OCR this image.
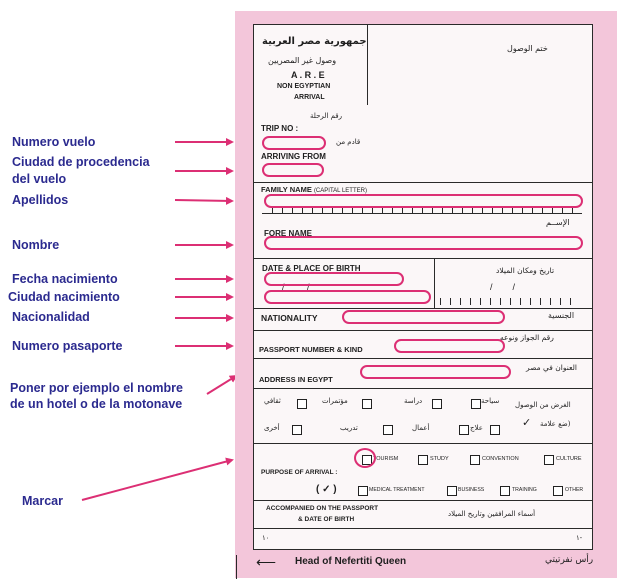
Numero vuelo
Ciudad de procedencia
del vuelo
Apellidos
Nombre
Fecha nacimiento
Ciudad nacimiento
Nacionalidad
Numero pasaporte
Poner por ejemplo el nombre
de un hotel o de la motonave
Marcar
جمهورية مصر العربية
وصول غير المصريين
A . R . E
NON EGYPTIAN
ARRIVAL
ختم الوصول
رقم الرحلة
TRIP NO :
قادم من
ARRIVING FROM
FAMILY NAME (CAPITAL LETTER)
الإســم
FORE NAME
DATE & PLACE OF BIRTH	تاريخ ومكان الميلاد
/         /	/        /
NATIONALITY	الجنسية
رقم الجواز ونوعه
PASSPORT NUMBER & KIND
العنوان في مصر
ADDRESS IN EGYPT
الغرض من الوصول
(ضع علامة
✓
سياحة
دراسة
مؤتمرات
ثقافي
علاج
أعمال
تدريب
أخرى
TOURISM	STUDY	CONVENTION	CULTURE
PURPOSE OF ARRIVAL :
( ✓ )	MEDICAL TREATMENT	BUSINESS	TRAINING	OTHER
ACCOMPANIED ON THE PASSPORT
& DATE OF BIRTH
أسماء المرافقين وتاريخ الميلاد
١٠	١-
⟵ Head of Nefertiti Queen	رأس نفرتيتي
